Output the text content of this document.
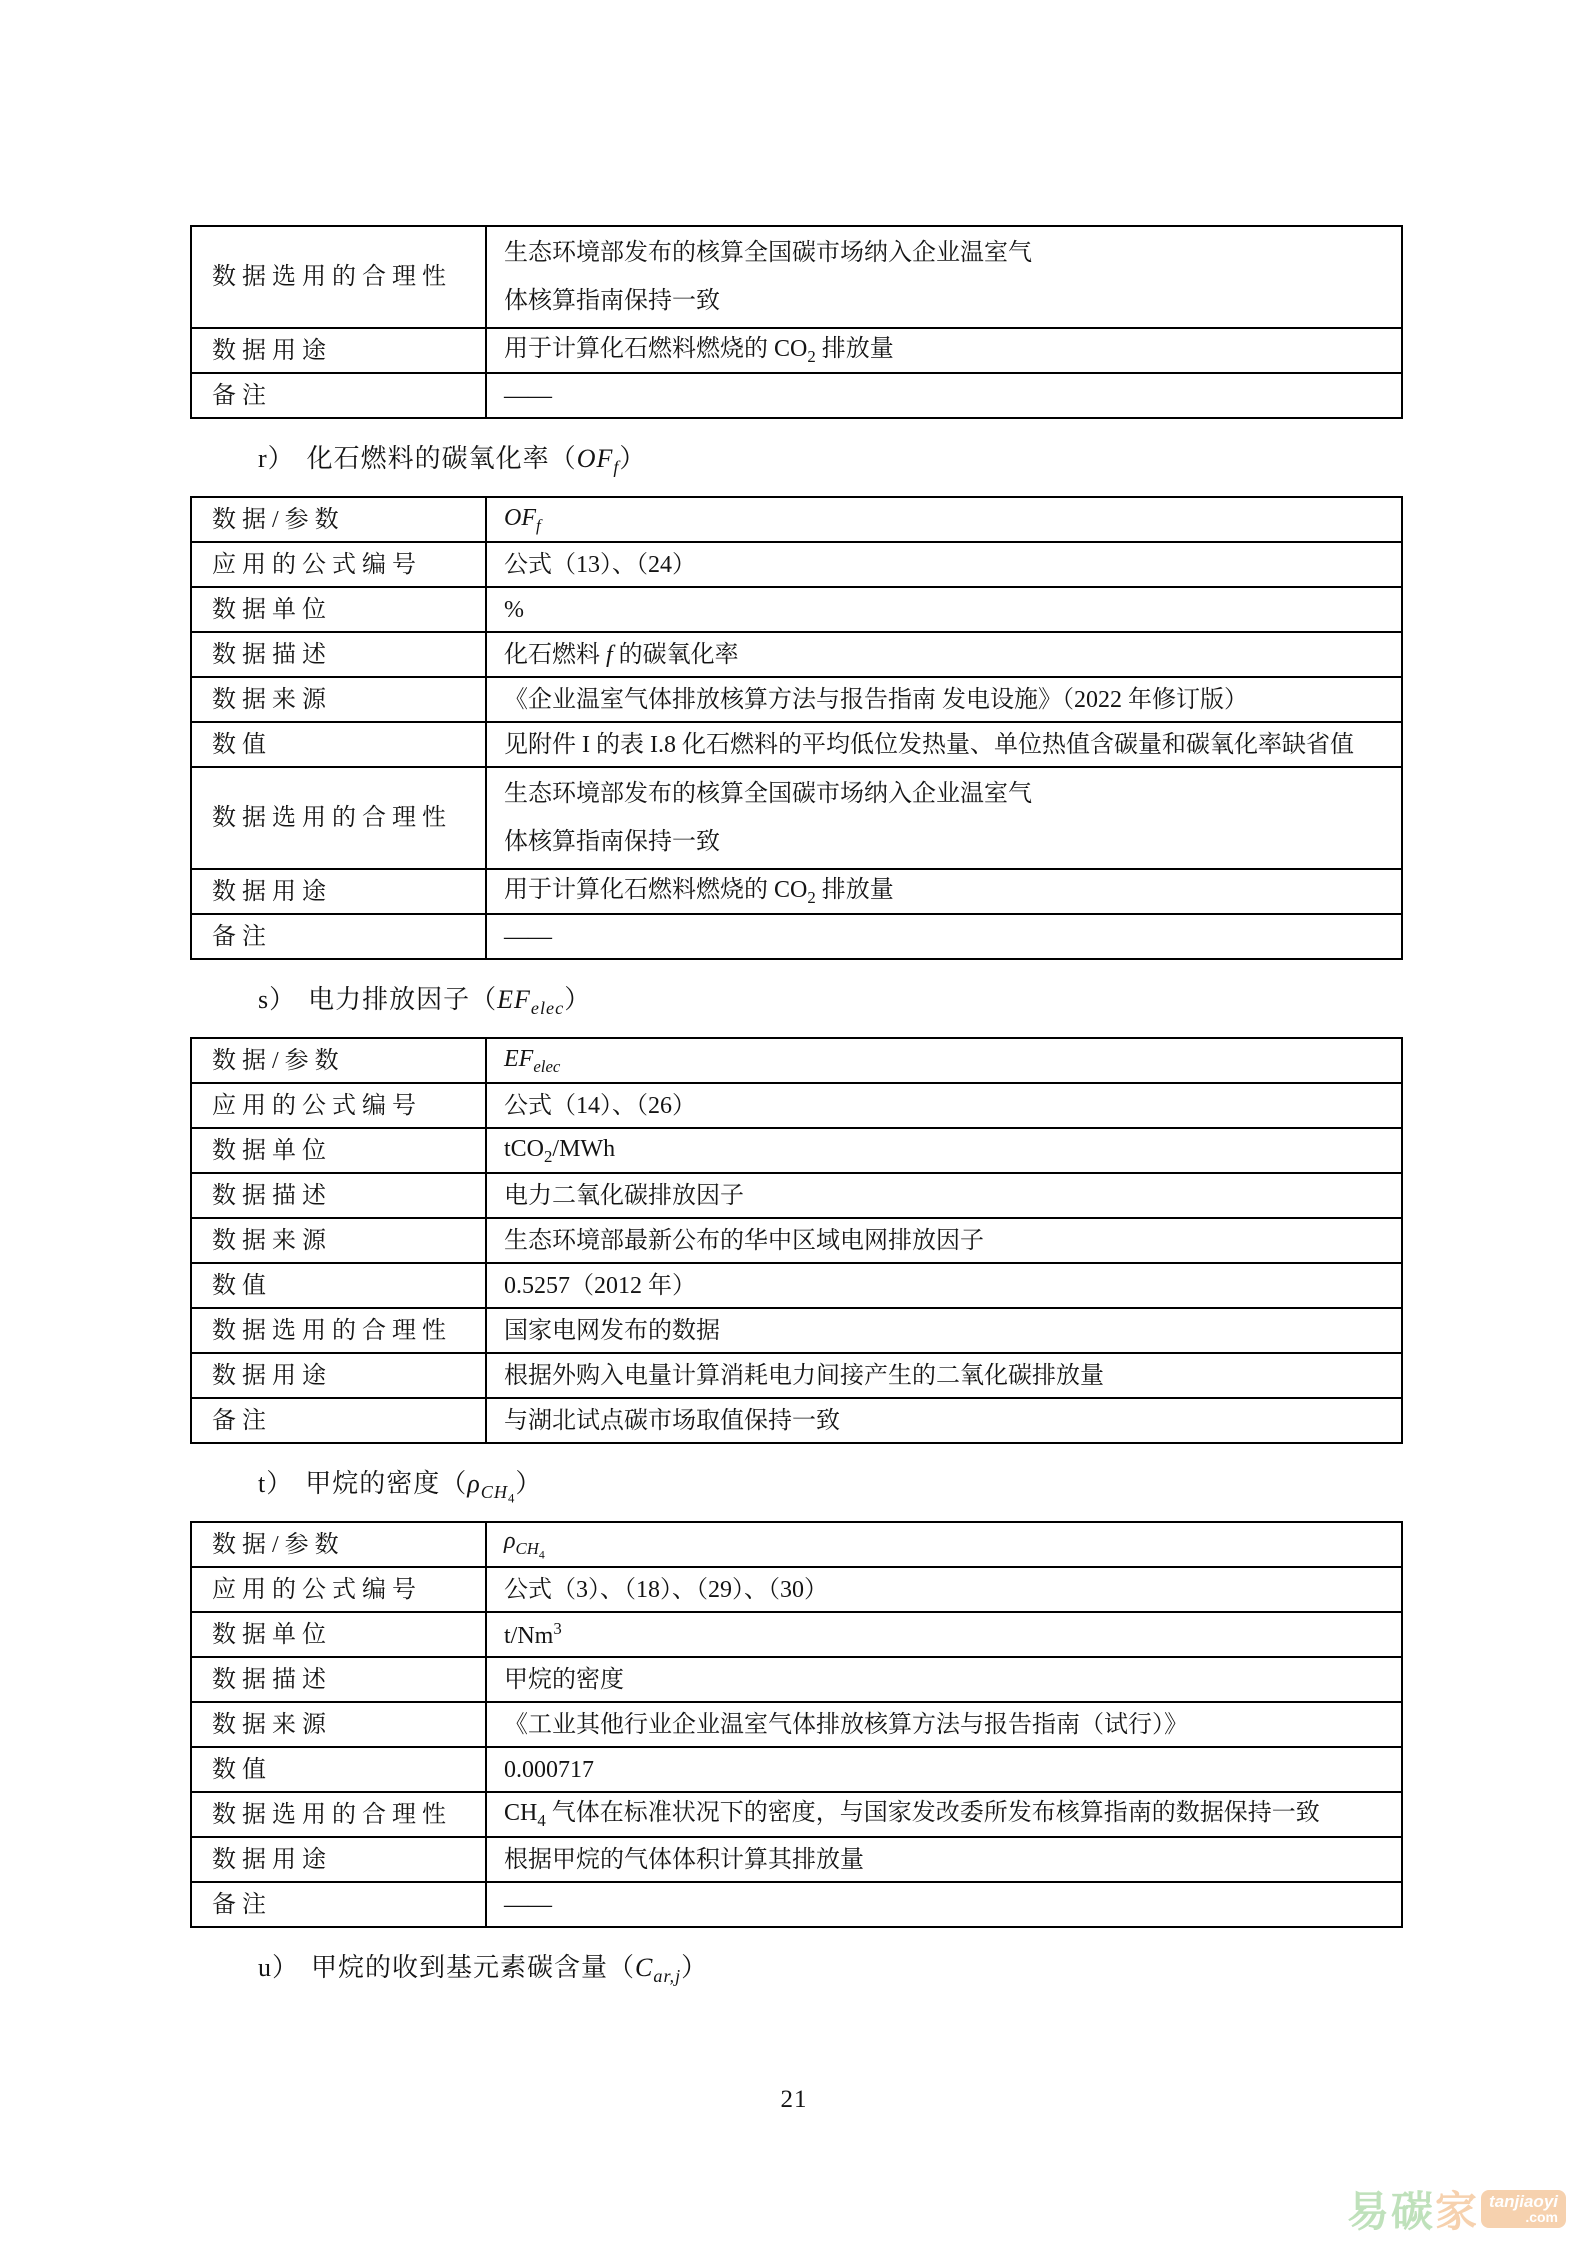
数据选用的合理性	生态环境部发布的核算全国碳市场纳入企业温室气
体核算指南保持一致
数据用途	用于计算化石燃料燃烧的 $CO_2$ 排放量
备注	——
r） 化石燃料的碳氧化率$(OF_f)$
数据/参数	$OF_f$
应用的公式编号	公式（13）、（24）
数据单位	%
数据描述	化石燃料 f 的碳氧化率
数据来源	《企业温室气体排放核算方法与报告指南 发电设施》（2022 年修订版）
数值	见附件 I 的表 I.8 化石燃料的平均低位发热量、单位热值含碳量和碳氧化率缺省值
数据选用的合理性	生态环境部发布的核算全国碳市场纳入企业温室气
体核算指南保持一致
数据用途	用于计算化石燃料燃烧的 $CO_2$ 排放量
备注	——
s） 电力排放因子$(EF_{elec})$
数据/参数	$EF_{elec}$
应用的公式编号	公式（14）、（26）
数据单位	tCO$_2$/MWh
数据描述	电力二氧化碳排放因子
数据来源	生态环境部最新公布的华中区域电网排放因子
数值	0.5257（2012 年）
数据选用的合理性	国家电网发布的数据
数据用途	根据外购入电量计算消耗电力间接产生的二氧化碳排放量
备注	与湖北试点碳市场取值保持一致
t） 甲烷的密度$(\rho_{CH_4})$
数据/参数	$\rho_{CH_4}$
应用的公式编号	公式（3）、（18）、（29）、（30）
数据单位	t/Nm$^3$
数据描述	甲烷的密度
数据来源	《工业其他行业企业温室气体排放核算方法与报告指南（试行）》
数值	0.000717
数据选用的合理性	$CH_4$ 气体在标准状况下的密度，与国家发改委所发布核算指南的数据保持一致
数据用途	根据甲烷的气体体积计算其排放量
备注	——
u） 甲烷的收到基元素碳含量$(C_{ar,j})$
21
易碳 家 tanjiaoyi
.com
